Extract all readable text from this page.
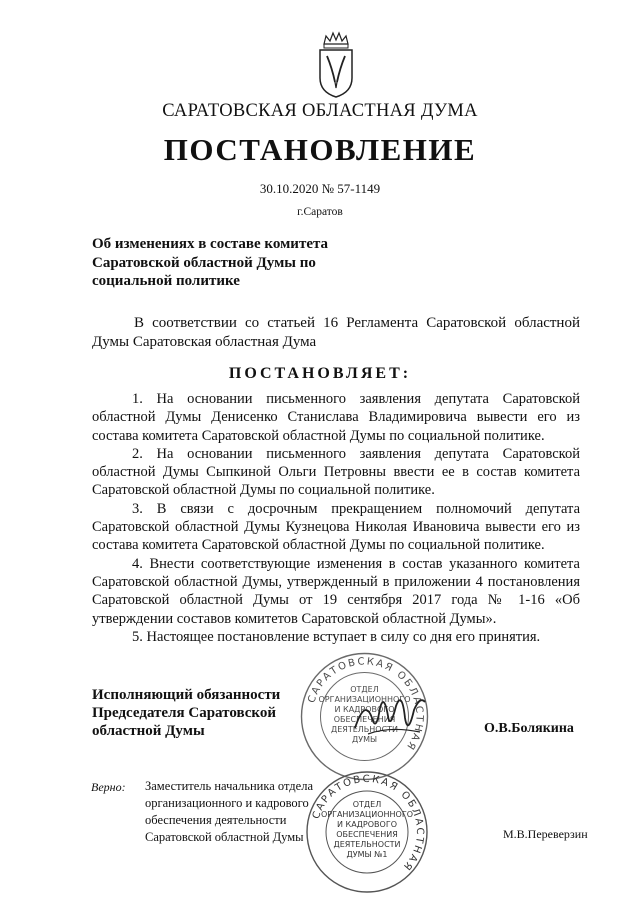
САРАТОВСКАЯ ОБЛАСТНАЯ ДУМА
ПОСТАНОВЛЕНИЕ
30.10.2020 № 57-1149
г.Саратов
Об изменениях в составе комитета Саратовской областной Думы по социальной политике
В соответствии со статьей 16 Регламента Саратовской областной Думы Саратовская областная Дума
ПОСТАНОВЛЯЕТ:

1. На основании письменного заявления депутата Саратовской областной Думы Денисенко Станислава Владимировича вывести его из состава комитета Саратовской областной Думы по социальной политике.

2. На основании письменного заявления депутата Саратовской областной Думы Сыпкиной Ольги Петровны ввести ее в состав комитета Саратовской областной Думы по социальной политике.

3. В связи с досрочным прекращением полномочий депутата Саратовской областной Думы Кузнецова Николая Ивановича вывести его из состава комитета Саратовской областной Думы по социальной политике.

4. Внести соответствующие изменения в состав указанного комитета Саратовской областной Думы, утвержденный в приложении 4 постановления Саратовской областной Думы от 19 сентября 2017 года № 1-16 «Об утверждении составов комитетов Саратовской областной Думы».

5. Настоящее постановление вступает в силу со дня его принятия.

САРАТОВСКАЯ ОБЛАСТНАЯ
ОТДЕЛ
ОРГАНИЗАЦИОННОГО
И КАДРОВОГО
ОБЕСПЕЧЕНИЯ
ДЕЯТЕЛЬНОСТИ
ДУМЫ
Исполняющий обязанности Председателя Саратовской областной Думы	О.В.Болякина
САРАТОВСКАЯ ОБЛАСТНАЯ
ОТДЕЛ
ОРГАНИЗАЦИОННОГО
И КАДРОВОГО
ОБЕСПЕЧЕНИЯ
ДЕЯТЕЛЬНОСТИ
ДУМЫ №1
Верно: Заместитель начальника отдела организационного и кадрового обеспечения деятельности Саратовской областной Думы	М.В.Переверзин
